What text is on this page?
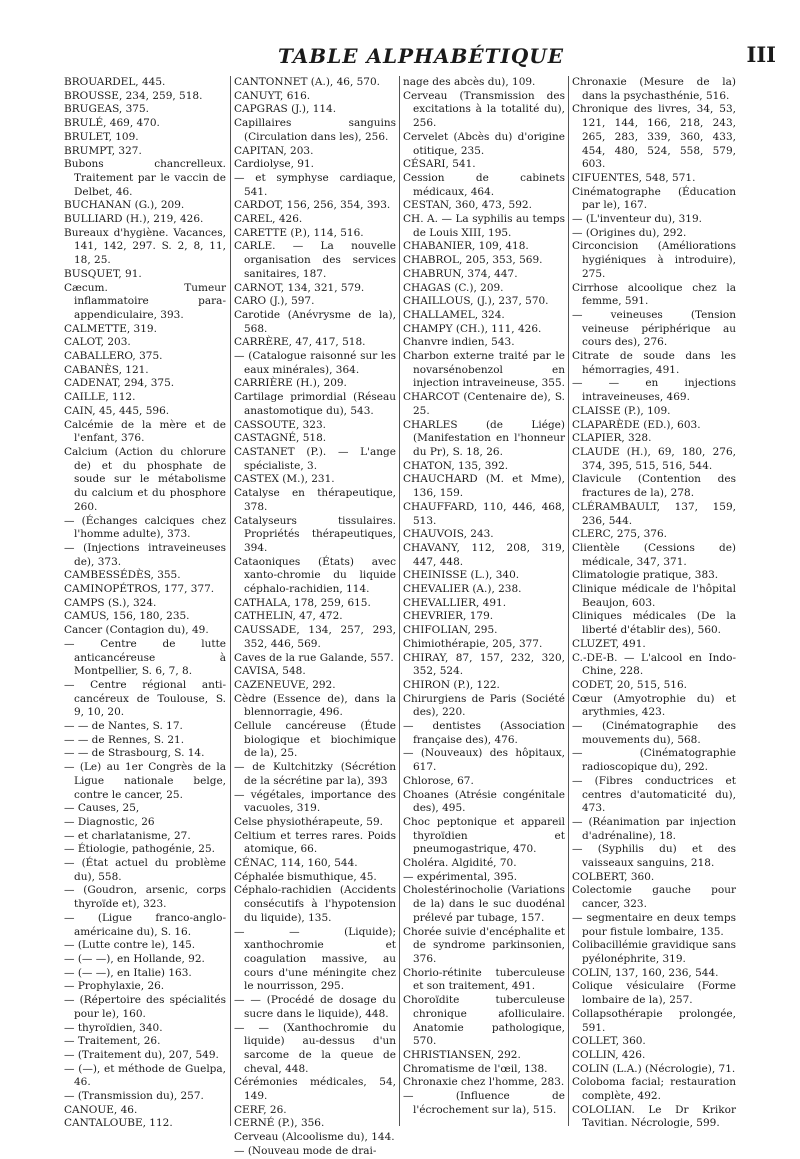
TABLE ALPHABÉTIQUE	III

BROUARDEL, 445.

BROUSSE, 234, 259, 518.

BRUGEAS, 375.

BRULÉ, 469, 470.

BRULET, 109.

BRUMPT, 327.

Bubons chancrelleux. Traitement par le vaccin de Delbet, 46.

BUCHANAN (G.), 209.

BULLIARD (H.), 219, 426.

Bureaux d'hygiène. Vacances, 141, 142, 297. S. 2, 8, 11, 18, 25.

BUSQUET, 91.

Cæcum. Tumeur inflammatoire para-appendiculaire, 393.

CALMETTE, 319.

CALOT, 203.

CABALLERO, 375.

CABANÈS, 121.

CADENAT, 294, 375.

CAILLE, 112.

CAIN, 45, 445, 596.

Calcémie de la mère et de l'enfant, 376.

Calcium (Action du chlorure de) et du phosphate de soude sur le métabolisme du calcium et du phosphore 260.

— (Échanges calciques chez l'homme adulte), 373.

— (Injections intraveineuses de), 373.

CAMBESSÉDÈS, 355.

CAMINOPÉTROS, 177, 377.

CAMPS (S.), 324.

CAMUS, 156, 180, 235.

Cancer (Contagion du), 49.

— Centre de lutte anticancéreuse à Montpellier, S. 6, 7, 8.

— Centre régional anti-cancéreux de Toulouse, S. 9, 10, 20.

— — de Nantes, S. 17.

— — de Rennes, S. 21.

— — de Strasbourg, S. 14.

— (Le) au 1er Congrès de la Ligue nationale belge, contre le cancer, 25.

— Causes, 25,

— Diagnostic, 26

— et charlatanisme, 27.

— Étiologie, pathogénie, 25.

— (État actuel du problème du), 558.

— (Goudron, arsenic, corps thyroïde et), 323.

— (Ligue franco-anglo-américaine du), S. 16.

— (Lutte contre le), 145.

— (— —), en Hollande, 92.

— (— —), en Italie) 163.

— Prophylaxie, 26.

— (Répertoire des spécialités pour le), 160.

— thyroïdien, 340.

— Traitement, 26.

— (Traitement du), 207, 549.

— (—), et méthode de Guelpa, 46.

— (Transmission du), 257.

CANOUE, 46.

CANTALOUBE, 112.

CANTONNET (A.), 46, 570.

CANUYT, 616.

CAPGRAS (J.), 114.

Capillaires sanguins (Circulation dans les), 256.

CAPITAN, 203.

Cardiolyse, 91.

— et symphyse cardiaque, 541.

CARDOT, 156, 256, 354, 393.

CAREL, 426.

CARETTE (P.), 114, 516.

CARLE. — La nouvelle organisation des services sanitaires, 187.

CARNOT, 134, 321, 579.

CARO (J.), 597.

Carotide (Anévrysme de la), 568.

CARRÈRE, 47, 417, 518.

— (Catalogue raisonné sur les eaux minérales), 364.

CARRIÈRE (H.), 209.

Cartilage primordial (Réseau anastomotique du), 543.

CASSOUTE, 323.

CASTAGNÉ, 518.

CASTANET (P.). — L'ange spécialiste, 3.

CASTEX (M.), 231.

Catalyse en thérapeutique, 378.

Catalyseurs tissulaires. Propriétés thérapeutiques, 394.

Cataoniques (États) avec xanto-chromie du liquide céphalo-rachidien, 114.

CATHALA, 178, 259, 615.

CATHELIN, 47, 472.

CAUSSADE, 134, 257, 293, 352, 446, 569.

Caves de la rue Galande, 557.

CAVISA, 548.

CAZENEUVE, 292.

Cèdre (Essence de), dans la blennorragie, 496.

Cellule cancéreuse (Étude biologique et biochimique de la), 25.

— de Kultchitzky (Sécrétion de la sécrétine par la), 393

— végétales, importance des vacuoles, 319.

Celse physiothérapeute, 59.

Celtium et terres rares. Poids atomique, 66.

CÉNAC, 114, 160, 544.

Céphalée bismuthique, 45.

Céphalo-rachidien (Accidents consécutifs à l'hypotension du liquide), 135.

— — (Liquide); xanthochromie et coagulation massive, au cours d'une méningite chez le nourrisson, 295.

— — (Procédé de dosage du sucre dans le liquide), 448.

— — (Xanthochromie du liquide) au-dessus d'un sarcome de la queue de cheval, 448.

Cérémonies médicales, 54, 149.

CERF, 26.

CERNÉ (P.), 356.

Cerveau (Alcoolisme du), 144.

— (Nouveau mode de drai-

nage des abcès du), 109.

Cerveau (Transmission des excitations à la totalité du), 256.

Cervelet (Abcès du) d'origine otitique, 235.

CÉSARI, 541.

Cession de cabinets médicaux, 464.

CESTAN, 360, 473, 592.

CH. A. — La syphilis au temps de Louis XIII, 195.

CHABANIER, 109, 418.

CHABROL, 205, 353, 569.

CHABRUN, 374, 447.

CHAGAS (C.), 209.

CHAILLOUS, (J.), 237, 570.

CHALLAMEL, 324.

CHAMPY (CH.), 111, 426.

Chanvre indien, 543.

Charbon externe traité par le novarsénobenzol en injection intraveineuse, 355.

CHARCOT (Centenaire de), S. 25.

CHARLES (de Liége) (Manifestation en l'honneur du Pr), S. 18, 26.

CHATON, 135, 392.

CHAUCHARD (M. et Mme), 136, 159.

CHAUFFARD, 110, 446, 468, 513.

CHAUVOIS, 243.

CHAVANY, 112, 208, 319, 447, 448.

CHEINISSE (L.), 340.

CHEVALIER (A.), 238.

CHEVALLIER, 491.

CHEVRIER, 179.

CHIFOLIAN, 295.

Chimiothérapie, 205, 377.

CHIRAY, 87, 157, 232, 320, 352, 524.

CHIRON (P.), 122.

Chirurgiens de Paris (Société des), 220.

— dentistes (Association française des), 476.

— (Nouveaux) des hôpitaux, 617.

Chlorose, 67.

Choanes (Atrésie congénitale des), 495.

Choc peptonique et appareil thyroïdien et pneumogastrique, 470.

Choléra. Algidité, 70.

— expérimental, 395.

Cholestérinocholie (Variations de la) dans le suc duodénal prélevé par tubage, 157.

Chorée suivie d'encéphalite et de syndrome parkinsonien, 376.

Chorio-rétinite tuberculeuse et son traitement, 491.

Choroïdite tuberculeuse chronique afolliculaire. Anatomie pathologique, 570.

CHRISTIANSEN, 292.

Chromatisme de l'œil, 138.

Chronaxie chez l'homme, 283.

— (Influence de l'écrochement sur la), 515.

Chronaxie (Mesure de la) dans la psychasthénie, 516.

Chronique des livres, 34, 53, 121, 144, 166, 218, 243, 265, 283, 339, 360, 433, 454, 480, 524, 558, 579, 603.

CIFUENTES, 548, 571.

Cinématographe (Éducation par le), 167.

— (L'inventeur du), 319.

— (Origines du), 292.

Circoncision (Améliorations hygiéniques à introduire), 275.

Cirrhose alcoolique chez la femme, 591.

— veineuses (Tension veineuse périphérique au cours des), 276.

Citrate de soude dans les hémorragies, 491.

— — en injections intraveineuses, 469.

CLAISSE (P.), 109.

CLAPARÈDE (ED.), 603.

CLAPIER, 328.

CLAUDE (H.), 69, 180, 276, 374, 395, 515, 516, 544.

Clavicule (Contention des fractures de la), 278.

CLÉRAMBAULT, 137, 159, 236, 544.

CLERC, 275, 376.

Clientèle (Cessions de) médicale, 347, 371.

Climatologie pratique, 383.

Clinique médicale de l'hôpital Beaujon, 603.

Cliniques médicales (De la liberté d'établir des), 560.

CLUZET, 491.

C.-DE-B. — L'alcool en Indo-Chine, 228.

CODET, 20, 515, 516.

Cœur (Amyotrophie du) et arythmies, 423.

— (Cinématographie des mouvements du), 568.

— (Cinématographie radioscopique du), 292.

— (Fibres conductrices et centres d'automaticité du), 473.

— (Réanimation par injection d'adrénaline), 18.

— (Syphilis du) et des vaisseaux sanguins, 218.

COLBERT, 360.

Colectomie gauche pour cancer, 323.

— segmentaire en deux temps pour fistule lombaire, 135.

Colibacillémie gravidique sans pyélonéphrite, 319.

COLIN, 137, 160, 236, 544.

Colique vésiculaire (Forme lombaire de la), 257.

Collapsothérapie prolongée, 591.

COLLET, 360.

COLLIN, 426.

COLIN (L.A.) (Nécrologie), 71.

Coloboma facial; restauration complète, 492.

COLOLIAN. Le Dr Krikor Tavitian. Nécrologie, 599.
